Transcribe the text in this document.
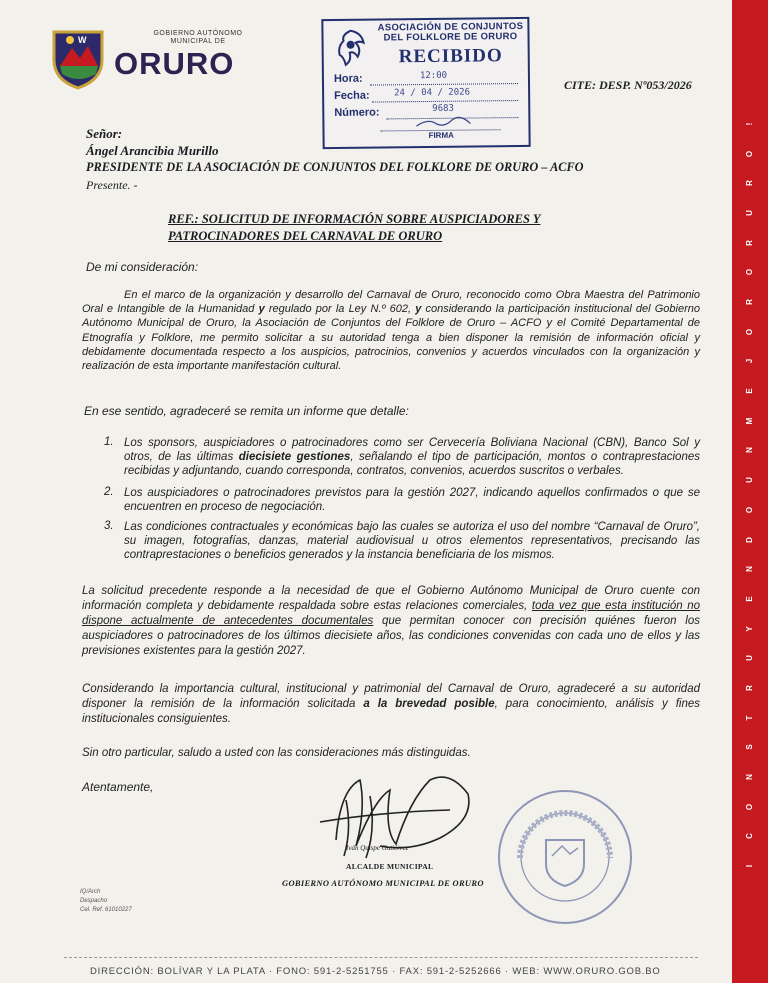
I
C
O
N
S
T
R
U
Y
E
N
D
O
U
N
M
E
J
O
R
O
R
U
R
O
!
W
GOBIERNO AUTÓNOMO
MUNICIPAL DE
ORURO
ASOCIACIÓN DE CONJUNTOS
DEL FOLKLORE DE ORURO
RECIBIDO
Hora:	12:00
Fecha:	24 / 04 / 2026
Número:	9683
FIRMA
CITE: DESP. Nº053/2026
Señor:
Ángel Arancibia Murillo
PRESIDENTE DE LA ASOCIACIÓN DE CONJUNTOS DEL FOLKLORE DE ORURO – ACFO
Presente. -
REF.: SOLICITUD DE INFORMACIÓN SOBRE AUSPICIADORES Y
PATROCINADORES DEL CARNAVAL DE ORURO
De mi consideración:
En el marco de la organización y desarrollo del Carnaval de Oruro, reconocido como Obra Maestra del Patrimonio Oral e Intangible de la Humanidad y regulado por la Ley N.º 602, y considerando la participación institucional del Gobierno Autónomo Municipal de Oruro, la Asociación de Conjuntos del Folklore de Oruro – ACFO y el Comité Departamental de Etnografía y Folklore, me permito solicitar a su autoridad tenga a bien disponer la remisión de información oficial y debidamente documentada respecto a los auspicios, patrocinios, convenios y acuerdos vinculados con la organización y realización de esta importante manifestación cultural.
En ese sentido, agradeceré se remita un informe que detalle:
1. Los sponsors, auspiciadores o patrocinadores como ser Cervecería Boliviana Nacional (CBN), Banco Sol y otros, de las últimas diecisiete gestiones, señalando el tipo de participación, montos o contraprestaciones recibidas y adjuntando, cuando corresponda, contratos, convenios, acuerdos suscritos o verbales.
2. Los auspiciadores o patrocinadores previstos para la gestión 2027, indicando aquellos confirmados o que se encuentren en proceso de negociación.
3. Las condiciones contractuales y económicas bajo las cuales se autoriza el uso del nombre “Carnaval de Oruro”, su imagen, fotografías, danzas, material audiovisual u otros elementos representativos, precisando las contraprestaciones o beneficios generados y la instancia beneficiaria de los mismos.
La solicitud precedente responde a la necesidad de que el Gobierno Autónomo Municipal de Oruro cuente con información completa y debidamente respaldada sobre estas relaciones comerciales, toda vez que esta institución no dispone actualmente de antecedentes documentales que permitan conocer con precisión quiénes fueron los auspiciadores o patrocinadores de los últimos diecisiete años, las condiciones convenidas con cada uno de ellos y las previsiones existentes para la gestión 2027.
Considerando la importancia cultural, institucional y patrimonial del Carnaval de Oruro, agradeceré a su autoridad disponer la remisión de la información solicitada a la brevedad posible, para conocimiento, análisis y fines institucionales consiguientes.
Sin otro particular, saludo a usted con las consideraciones más distinguidas.
Atentamente,
Iván Quispe Gutiérrez
ALCALDE MUNICIPAL
GOBIERNO AUTÓNOMO MUNICIPAL DE ORURO
IQ/Arch
Despacho
Cel. Ref. 61010227
DIRECCIÓN: BOLÍVAR Y LA PLATA · FONO: 591-2-5251755 · FAX: 591-2-5252666 · WEB: WWW.ORURO.GOB.BO
